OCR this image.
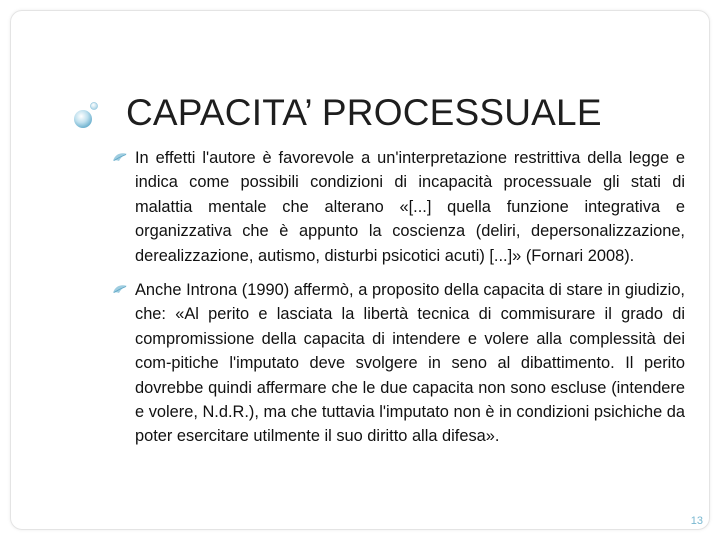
CAPACITA’ PROCESSUALE
In effetti l'autore è favorevole a un'interpretazione restrittiva della legge e indica come possibili condizioni di incapacità processuale gli stati di malattia mentale che alterano «[...] quella funzione integrativa e organizzativa che è appunto la coscienza (deliri, depersonalizzazione, derealizzazione, autismo, disturbi psicotici acuti) [...]» (Fornari 2008).
Anche Introna (1990) affermò, a proposito della capacita di stare in giudizio, che: «Al perito e lasciata la libertà tecnica di commisurare il grado di compromissione della capacita di intendere e volere alla complessità dei com-pitiche l'imputato deve svolgere in seno al dibattimento. Il perito dovrebbe quindi affermare che le due capacita non sono escluse (intendere e volere, N.d.R.), ma che tuttavia l'imputato non è in condizioni psichiche da poter esercitare utilmente il suo diritto alla difesa».
13
